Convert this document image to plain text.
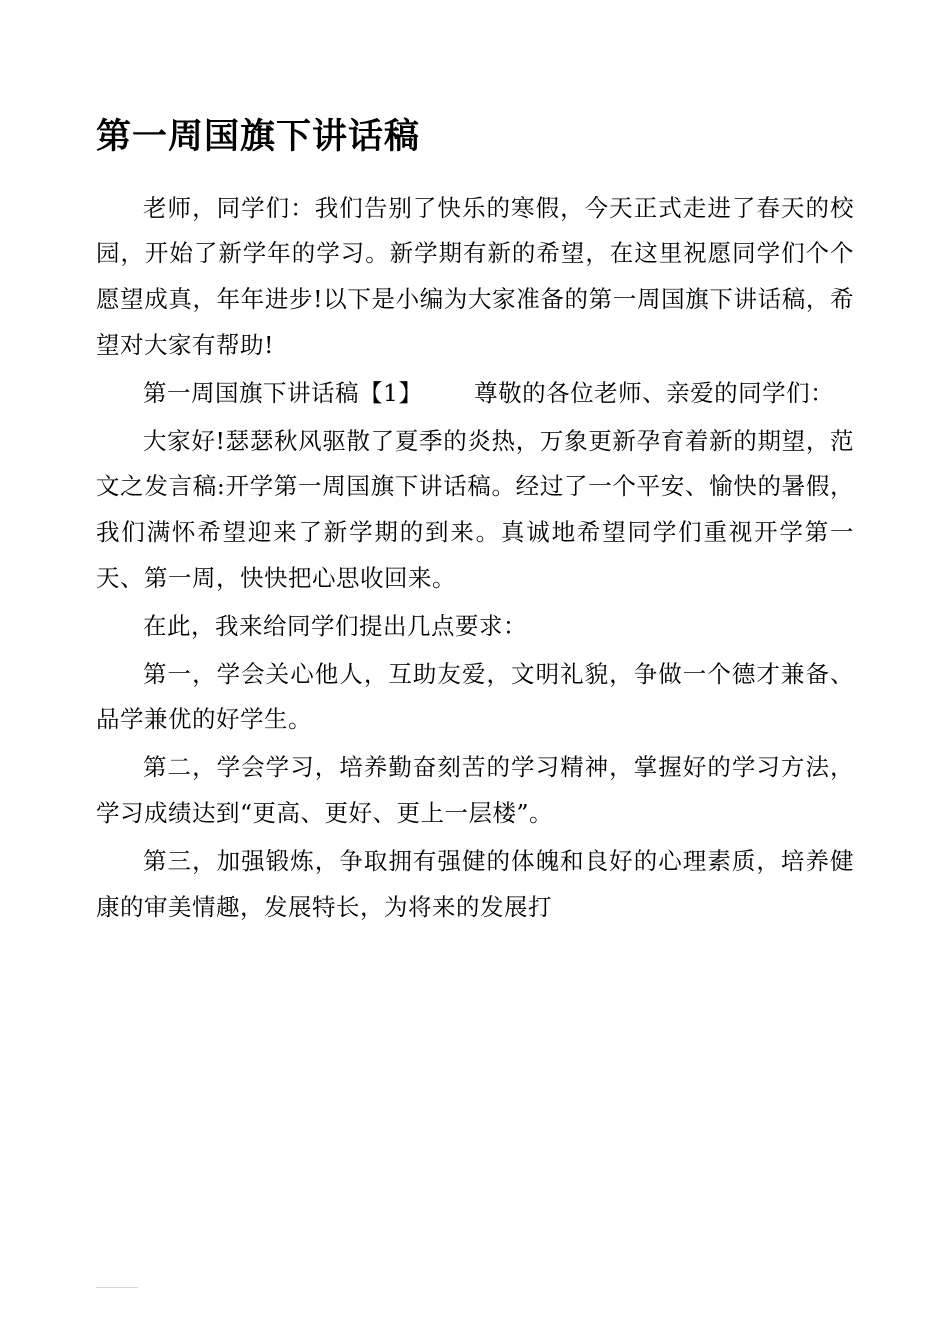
第一周国旗下讲话稿

老师，同学们：我们告别了快乐的寒假，今天正式走进了春天的校园，开始了新学年的学习。新学期有新的希望，在这里祝愿同学们个个愿望成真，年年进步!以下是小编为大家准备的第一周国旗下讲话稿，希望对大家有帮助!

第一周国旗下讲话稿【1】 尊敬的各位老师、亲爱的同学们：

大家好!瑟瑟秋风驱散了夏季的炎热，万象更新孕育着新的期望，范文之发言稿:开学第一周国旗下讲话稿。经过了一个平安、愉快的暑假，我们满怀希望迎来了新学期的到来。真诚地希望同学们重视开学第一天、第一周，快快把心思收回来。

在此，我来给同学们提出几点要求：

第一，学会关心他人，互助友爱，文明礼貌，争做一个德才兼备、品学兼优的好学生。

第二，学会学习，培养勤奋刻苦的学习精神，掌握好的学习方法，学习成绩达到“更高、更好、更上一层楼”。

第三，加强锻炼，争取拥有强健的体魄和良好的心理素质，培养健康的审美情趣，发展特长，为将来的发展打
